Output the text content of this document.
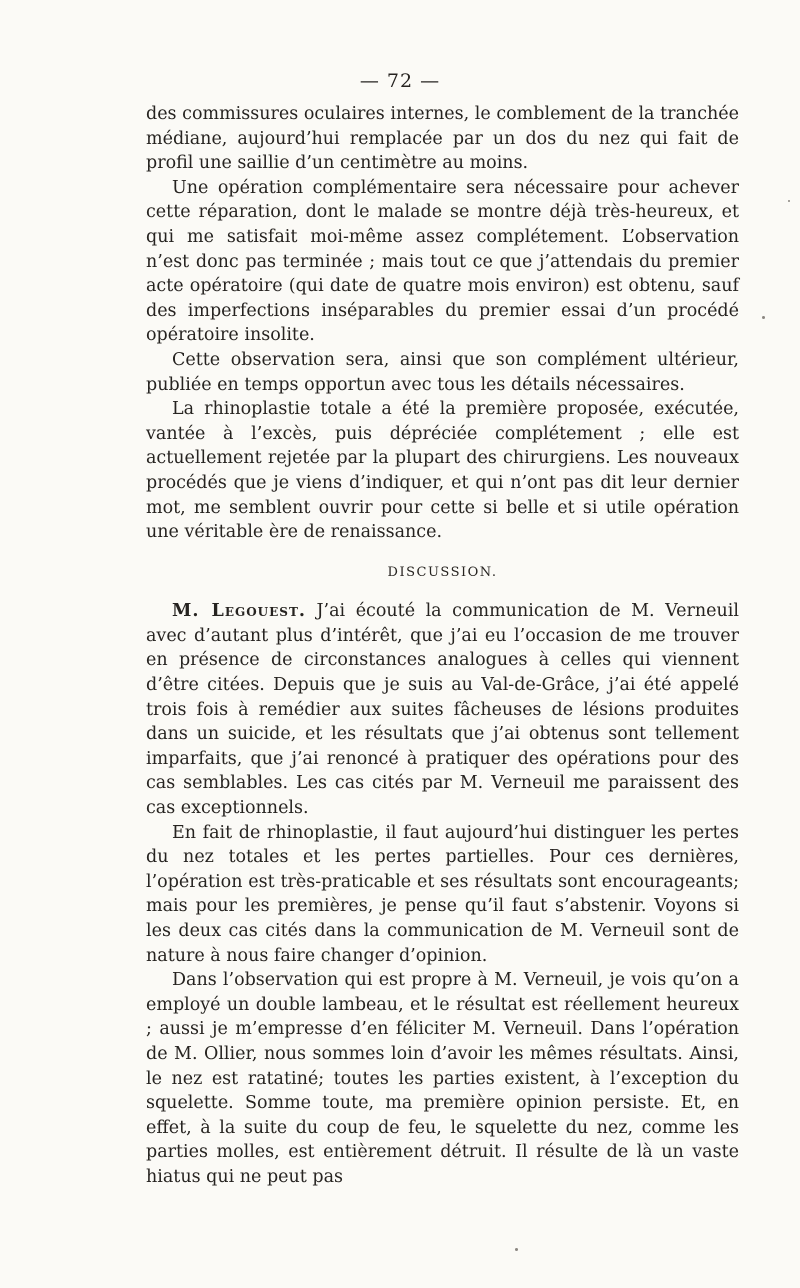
— 72 —

des commissures oculaires internes, le comblement de la tranchée médiane, aujourd’hui remplacée par un dos du nez qui fait de profil une saillie d’un centimètre au moins.

Une opération complémentaire sera nécessaire pour achever cette réparation, dont le malade se montre déjà très-heureux, et qui me satisfait moi-même assez complétement. L’observation n’est donc pas terminée ; mais tout ce que j’attendais du premier acte opératoire (qui date de quatre mois environ) est obtenu, sauf des imperfections inséparables du premier essai d’un procédé opératoire insolite.

Cette observation sera, ainsi que son complément ultérieur, publiée en temps opportun avec tous les détails nécessaires.

La rhinoplastie totale a été la première proposée, exécutée, vantée à l’excès, puis dépréciée complétement ; elle est actuellement rejetée par la plupart des chirurgiens. Les nouveaux procédés que je viens d’indiquer, et qui n’ont pas dit leur dernier mot, me semblent ouvrir pour cette si belle et si utile opération une véritable ère de renaissance.

DISCUSSION.

M. Legouest. J’ai écouté la communication de M. Verneuil avec d’autant plus d’intérêt, que j’ai eu l’occasion de me trouver en présence de circonstances analogues à celles qui viennent d’être citées. Depuis que je suis au Val-de-Grâce, j’ai été appelé trois fois à remédier aux suites fâcheuses de lésions produites dans un suicide, et les résultats que j’ai obtenus sont tellement imparfaits, que j’ai renoncé à pratiquer des opérations pour des cas semblables. Les cas cités par M. Verneuil me paraissent des cas exceptionnels.

En fait de rhinoplastie, il faut aujourd’hui distinguer les pertes du nez totales et les pertes partielles. Pour ces dernières, l’opération est très-praticable et ses résultats sont encourageants; mais pour les premières, je pense qu’il faut s’abstenir. Voyons si les deux cas cités dans la communication de M. Verneuil sont de nature à nous faire changer d’opinion.

Dans l’observation qui est propre à M. Verneuil, je vois qu’on a employé un double lambeau, et le résultat est réellement heureux ; aussi je m’empresse d’en féliciter M. Verneuil. Dans l’opération de M. Ollier, nous sommes loin d’avoir les mêmes résultats. Ainsi, le nez est ratatiné; toutes les parties existent, à l’exception du squelette. Somme toute, ma première opinion persiste. Et, en effet, à la suite du coup de feu, le squelette du nez, comme les parties molles, est entièrement détruit. Il résulte de là un vaste hiatus qui ne peut pas
